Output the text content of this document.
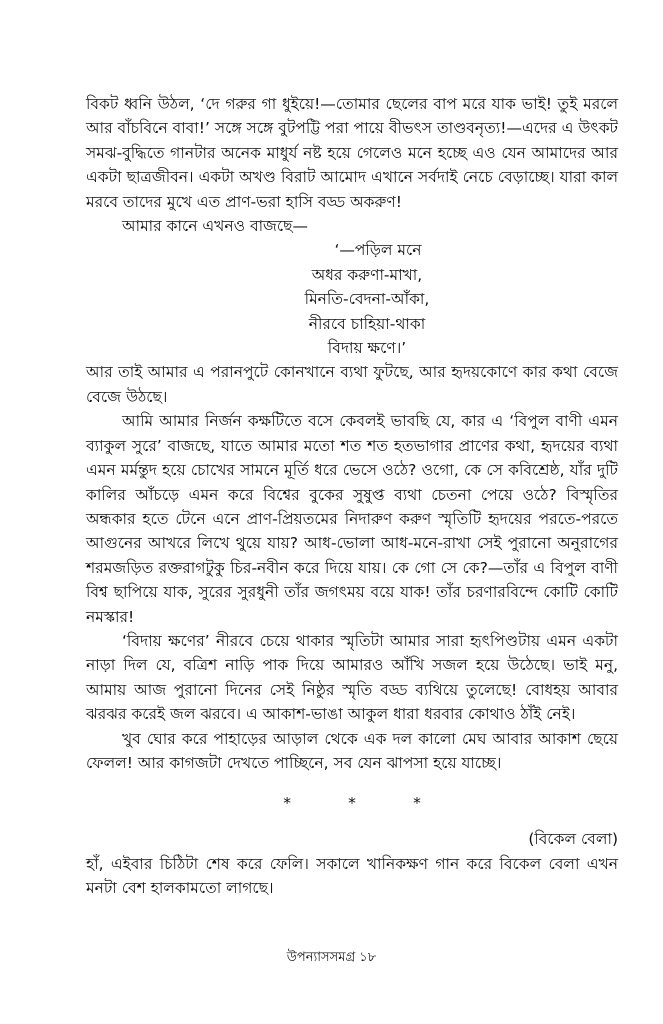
বিকট ধ্বনি উঠল, ‘দে গরুর গা ধুইয়ে!—তোমার ছেলের বাপ মরে যাক ভাই! তুই মরলে আর বাঁচবিনে বাবা!’ সঙ্গে সঙ্গে বুটপট্টি পরা পায়ে বীভৎস তাণ্ডবনৃত্য!—এদের এ উৎকট সমঝ-বুদ্ধিতে গানটার অনেক মাধুর্য নষ্ট হয়ে গেলেও মনে হচ্ছে এও যেন আমাদের আর একটা ছাত্রজীবন। একটা অখণ্ড বিরাট আমোদ এখানে সর্বদাই নেচে বেড়াচ্ছে। যারা কাল মরবে তাদের মুখে এত প্রাণ-ভরা হাসি বড্ড অকরুণ!

আমার কানে এখনও বাজছে—

‘—পড়িল মনে

অধর করুণা-মাখা,

মিনতি-বেদনা-আঁকা,

নীরবে চাহিয়া-থাকা

বিদায় ক্ষণে।’

আর তাই আমার এ পরানপুটে কোনখানে ব্যথা ফুটছে, আর হৃদয়কোণে কার কথা বেজে বেজে উঠছে।

আমি আমার নির্জন কক্ষটিতে বসে কেবলই ভাবছি যে, কার এ ‘বিপুল বাণী এমন ব্যাকুল সুরে’ বাজছে, যাতে আমার মতো শত শত হতভাগার প্রাণের কথা, হৃদয়ের ব্যথা এমন মর্মন্তুদ হয়ে চোখের সামনে মূর্তি ধরে ভেসে ওঠে? ওগো, কে সে কবিশ্রেষ্ঠ, যাঁর দুটি কালির আঁচড়ে এমন করে বিশ্বের বুকের সুষুপ্ত ব্যথা চেতনা পেয়ে ওঠে? বিস্মৃতির অন্ধকার হতে টেনে এনে প্রাণ-প্রিয়তমের নিদারুণ করুণ স্মৃতিটি হৃদয়ের পরতে-পরতে আগুনের আখরে লিখে থুয়ে যায়? আধ-ভোলা আধ-মনে-রাখা সেই পুরানো অনুরাগের শরমজড়িত রক্তরাগটুকু চির-নবীন করে দিয়ে যায়। কে গো সে কে?—তাঁর এ বিপুল বাণী বিশ্ব ছাপিয়ে যাক, সুরের সুরধুনী তাঁর জগৎময় বয়ে যাক! তাঁর চরণারবিন্দে কোটি কোটি নমস্কার!

‘বিদায় ক্ষণের’ নীরবে চেয়ে থাকার স্মৃতিটা আমার সারা হৃৎপিণ্ডটায় এমন একটা নাড়া দিল যে, বত্রিশ নাড়ি পাক দিয়ে আমারও আঁখি সজল হয়ে উঠেছে। ভাই মনু, আমায় আজ পুরানো দিনের সেই নিষ্ঠুর স্মৃতি বড্ড ব্যথিয়ে তুলেছে! বোধহয় আবার ঝরঝর করেই জল ঝরবে। এ আকাশ-ভাঙা আকুল ধারা ধরবার কোথাও ঠাঁই নেই।

খুব ঘোর করে পাহাড়ের আড়াল থেকে এক দল কালো মেঘ আবার আকাশ ছেয়ে ফেলল! আর কাগজটা দেখতে পাচ্ছিনে, সব যেন ঝাপসা হয়ে যাচ্ছে।

*	*	*

(বিকেল বেলা)

হাঁ, এইবার চিঠিটা শেষ করে ফেলি। সকালে খানিকক্ষণ গান করে বিকেল বেলা এখন মনটা বেশ হালকামতো লাগছে।

উপন্যাসসমগ্র ১৮
